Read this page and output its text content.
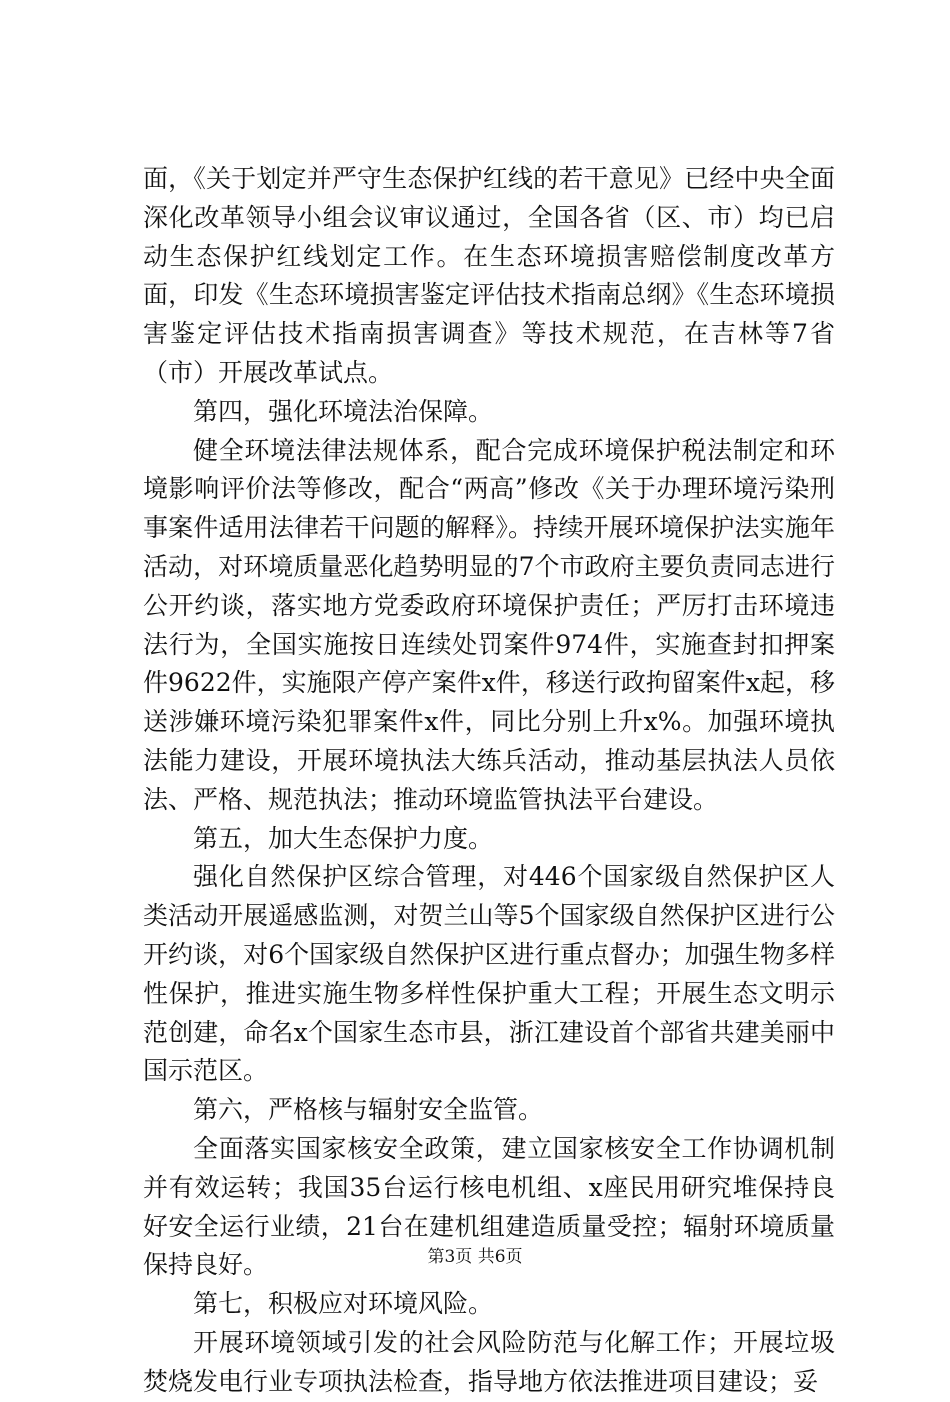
面，《关于划定并严守生态保护红线的若干意见》已经中央全面深化改革领导小组会议审议通过，全国各省（区、市）均已启动生态保护红线划定工作。在生态环境损害赔偿制度改革方面，印发《生态环境损害鉴定评估技术指南总纲》《生态环境损害鉴定评估技术指南损害调查》等技术规范，在吉林等7省（市）开展改革试点。

第四，强化环境法治保障。

健全环境法律法规体系，配合完成环境保护税法制定和环境影响评价法等修改，配合“两高”修改《关于办理环境污染刑事案件适用法律若干问题的解释》。持续开展环境保护法实施年活动，对环境质量恶化趋势明显的7个市政府主要负责同志进行公开约谈，落实地方党委政府环境保护责任；严厉打击环境违法行为，全国实施按日连续处罚案件974件，实施查封扣押案件9622件，实施限产停产案件x件，移送行政拘留案件x起，移送涉嫌环境污染犯罪案件x件，同比分别上升x%。加强环境执法能力建设，开展环境执法大练兵活动，推动基层执法人员依法、严格、规范执法；推动环境监管执法平台建设。

第五，加大生态保护力度。

强化自然保护区综合管理，对446个国家级自然保护区人类活动开展遥感监测，对贺兰山等5个国家级自然保护区进行公开约谈，对6个国家级自然保护区进行重点督办；加强生物多样性保护，推进实施生物多样性保护重大工程；开展生态文明示范创建，命名x个国家生态市县，浙江建设首个部省共建美丽中国示范区。

第六，严格核与辐射安全监管。

全面落实国家核安全政策，建立国家核安全工作协调机制并有效运转；我国35台运行核电机组、x座民用研究堆保持良好安全运行业绩，21台在建机组建造质量受控；辐射环境质量保持良好。

第七，积极应对环境风险。

开展环境领域引发的社会风险防范与化解工作；开展垃圾焚烧发电行业专项执法检查，指导地方依法推进项目建设；妥

第3页 共6页
